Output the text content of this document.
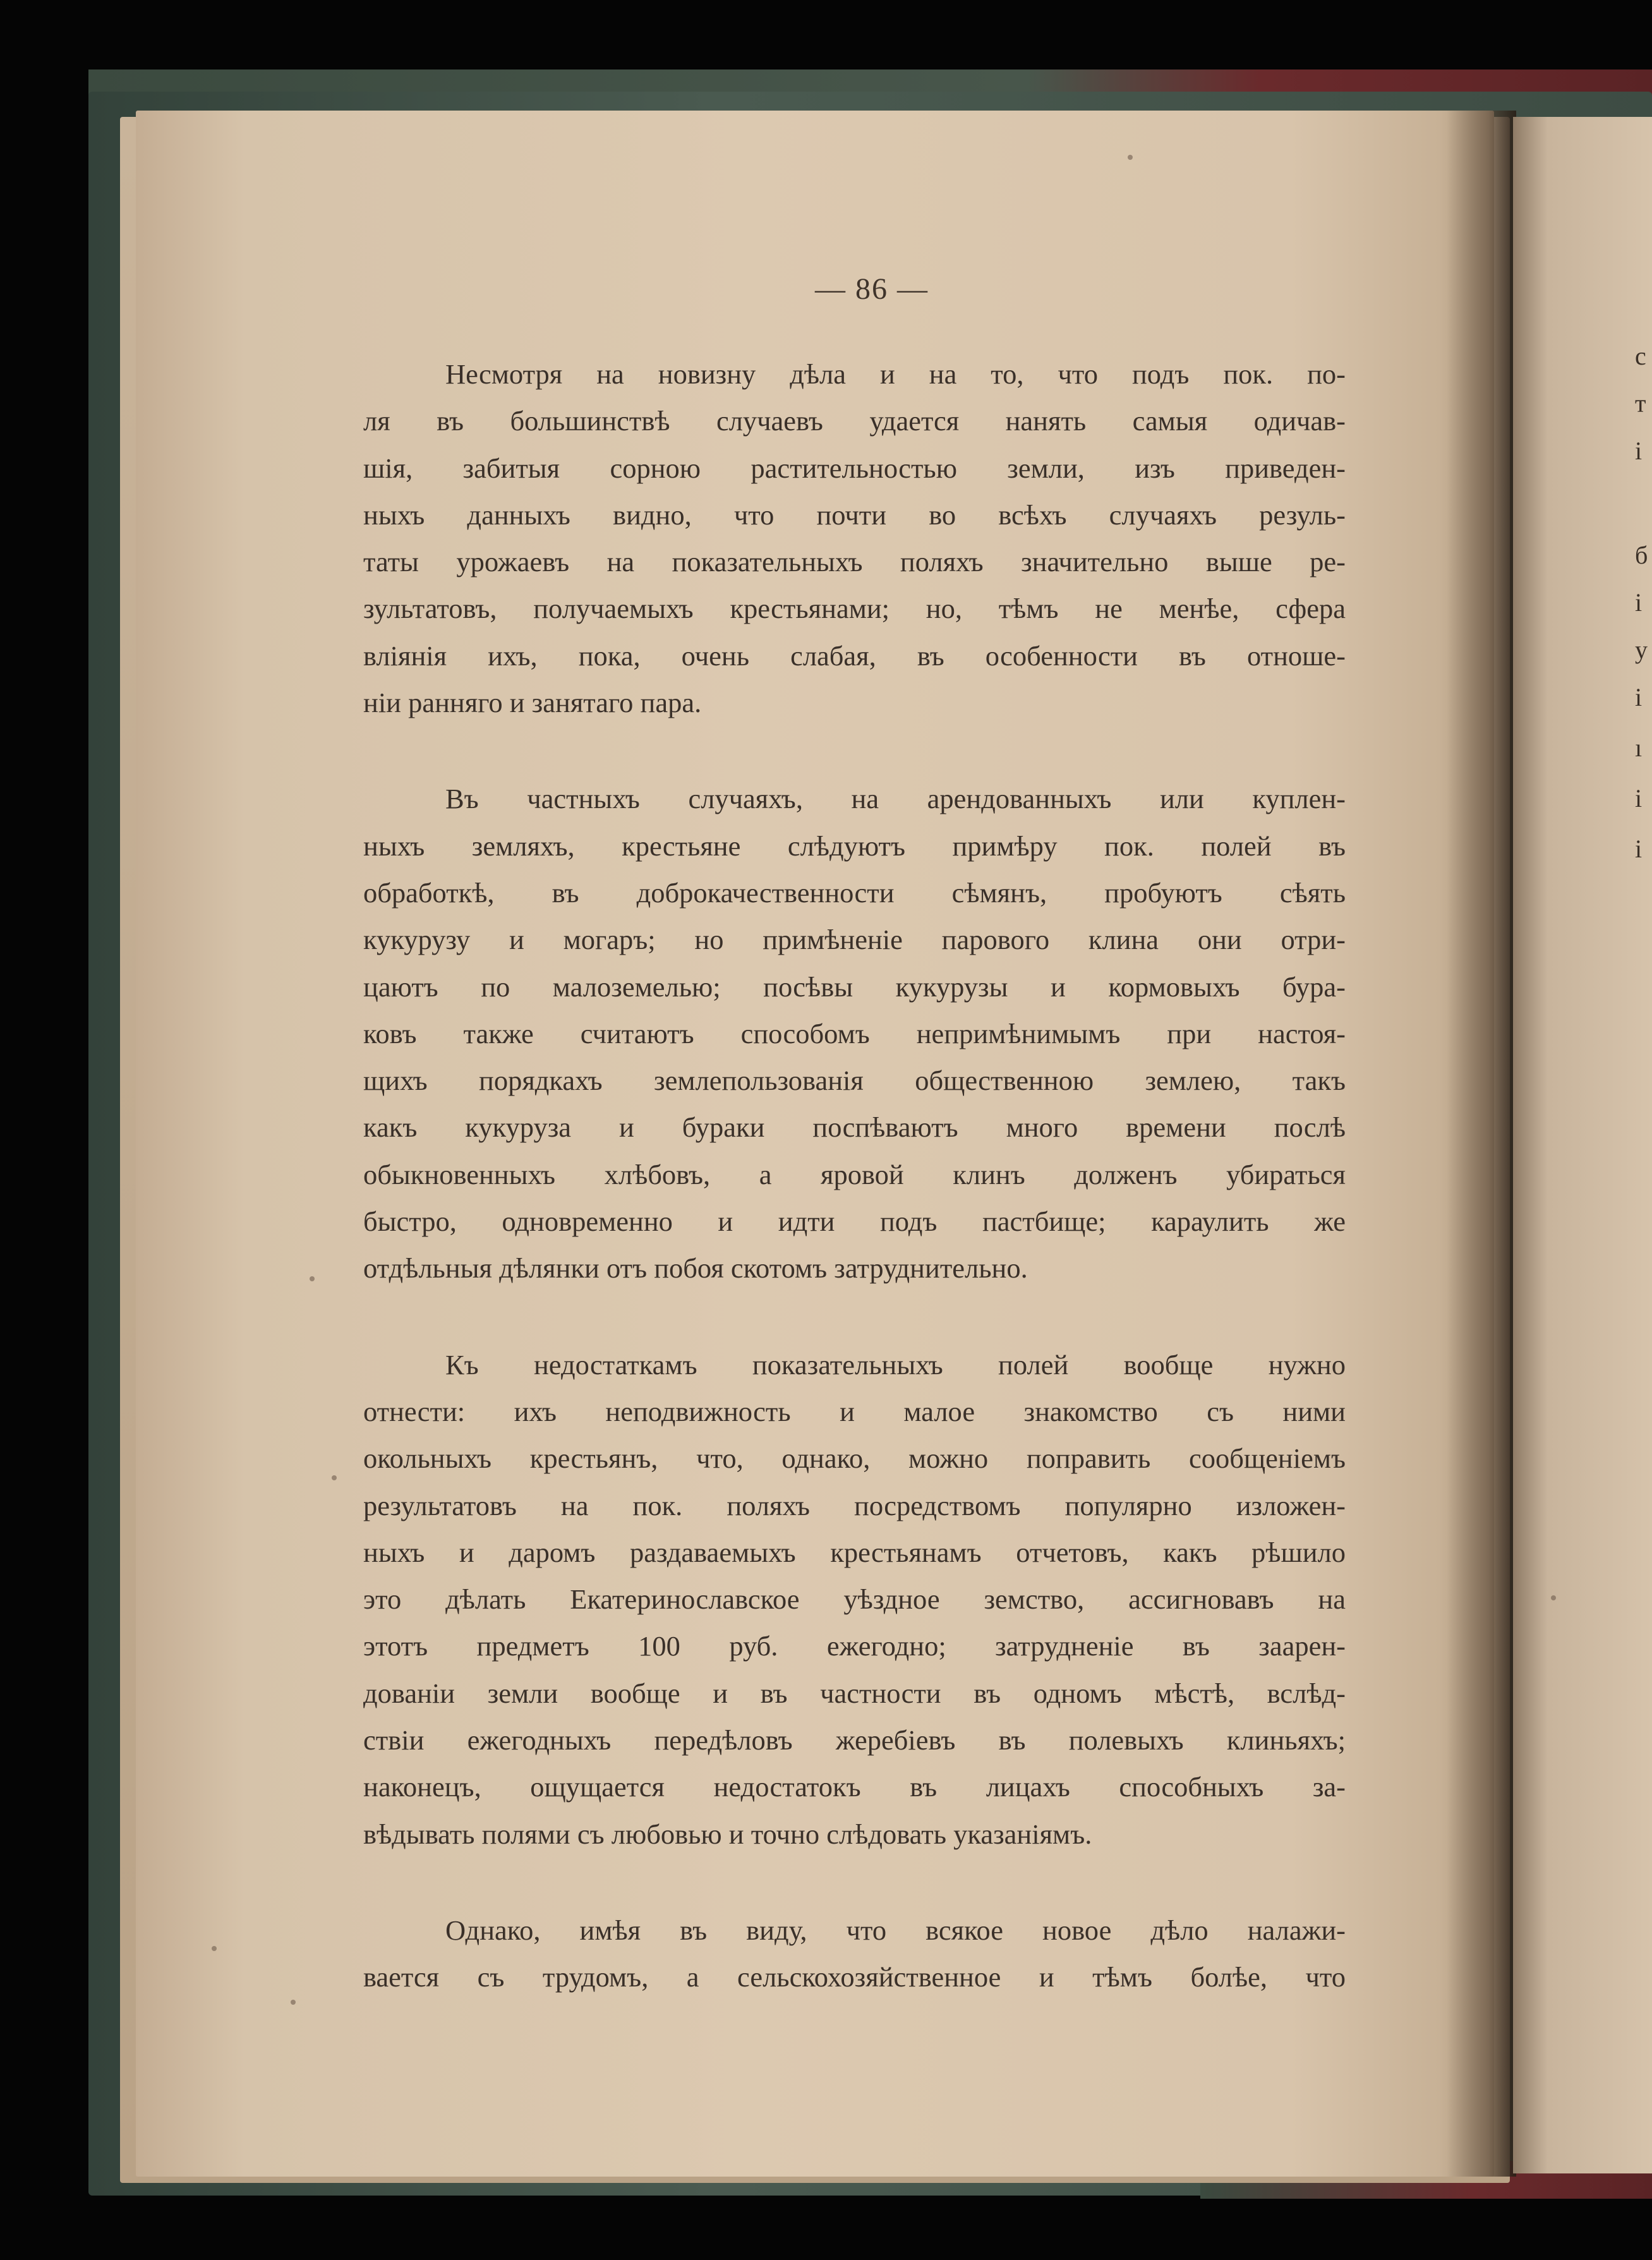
с
т
і
б
і
у
і
ı
і
і
— 86 —
Несмотря на новизну дѣла и на то, что подъ пок. по-
ля въ большинствѣ случаевъ удается нанять самыя одичав-
шія, забитыя сорною растительностью земли, изъ приведен-
ныхъ данныхъ видно, что почти во всѣхъ случаяхъ резуль-
таты урожаевъ на показательныхъ поляхъ значительно выше ре-
зультатовъ, получаемыхъ крестьянами; но, тѣмъ не менѣе, сфера
вліянія ихъ, пока, очень слабая, въ особенности въ отноше-
ніи ранняго и занятаго пара.
Въ частныхъ случаяхъ, на арендованныхъ или куплен-
ныхъ земляхъ, крестьяне слѣдуютъ примѣру пок. полей въ
обработкѣ, въ доброкачественности сѣмянъ, пробуютъ сѣять
кукурузу и могаръ; но примѣненіе парового клина они отри-
цаютъ по малоземелью; посѣвы кукурузы и кормовыхъ бура-
ковъ также считаютъ способомъ непримѣнимымъ при настоя-
щихъ порядкахъ землепользованія общественною землею, такъ
какъ кукуруза и бураки поспѣваютъ много времени послѣ
обыкновенныхъ хлѣбовъ, а яровой клинъ долженъ убираться
быстро, одновременно и идти подъ пастбище; караулить же
отдѣльныя дѣлянки отъ побоя скотомъ затруднительно.
Къ недостаткамъ показательныхъ полей вообще нужно
отнести: ихъ неподвижность и малое знакомство съ ними
окольныхъ крестьянъ, что, однако, можно поправить сообщеніемъ
результатовъ на пок. поляхъ посредствомъ популярно изложен-
ныхъ и даромъ раздаваемыхъ крестьянамъ отчетовъ, какъ рѣшило
это дѣлать Екатеринославское уѣздное земство, ассигновавъ на
этотъ предметъ 100 руб. ежегодно; затрудненіе въ заарен-
дованіи земли вообще и въ частности въ одномъ мѣстѣ, вслѣд-
ствіи ежегодныхъ передѣловъ жеребіевъ въ полевыхъ клиньяхъ;
наконецъ, ощущается недостатокъ въ лицахъ способныхъ за-
вѣдывать полями съ любовью и точно слѣдовать указаніямъ.
Однако, имѣя въ виду, что всякое новое дѣло налажи-
вается съ трудомъ, а сельскохозяйственное и тѣмъ болѣе, что
